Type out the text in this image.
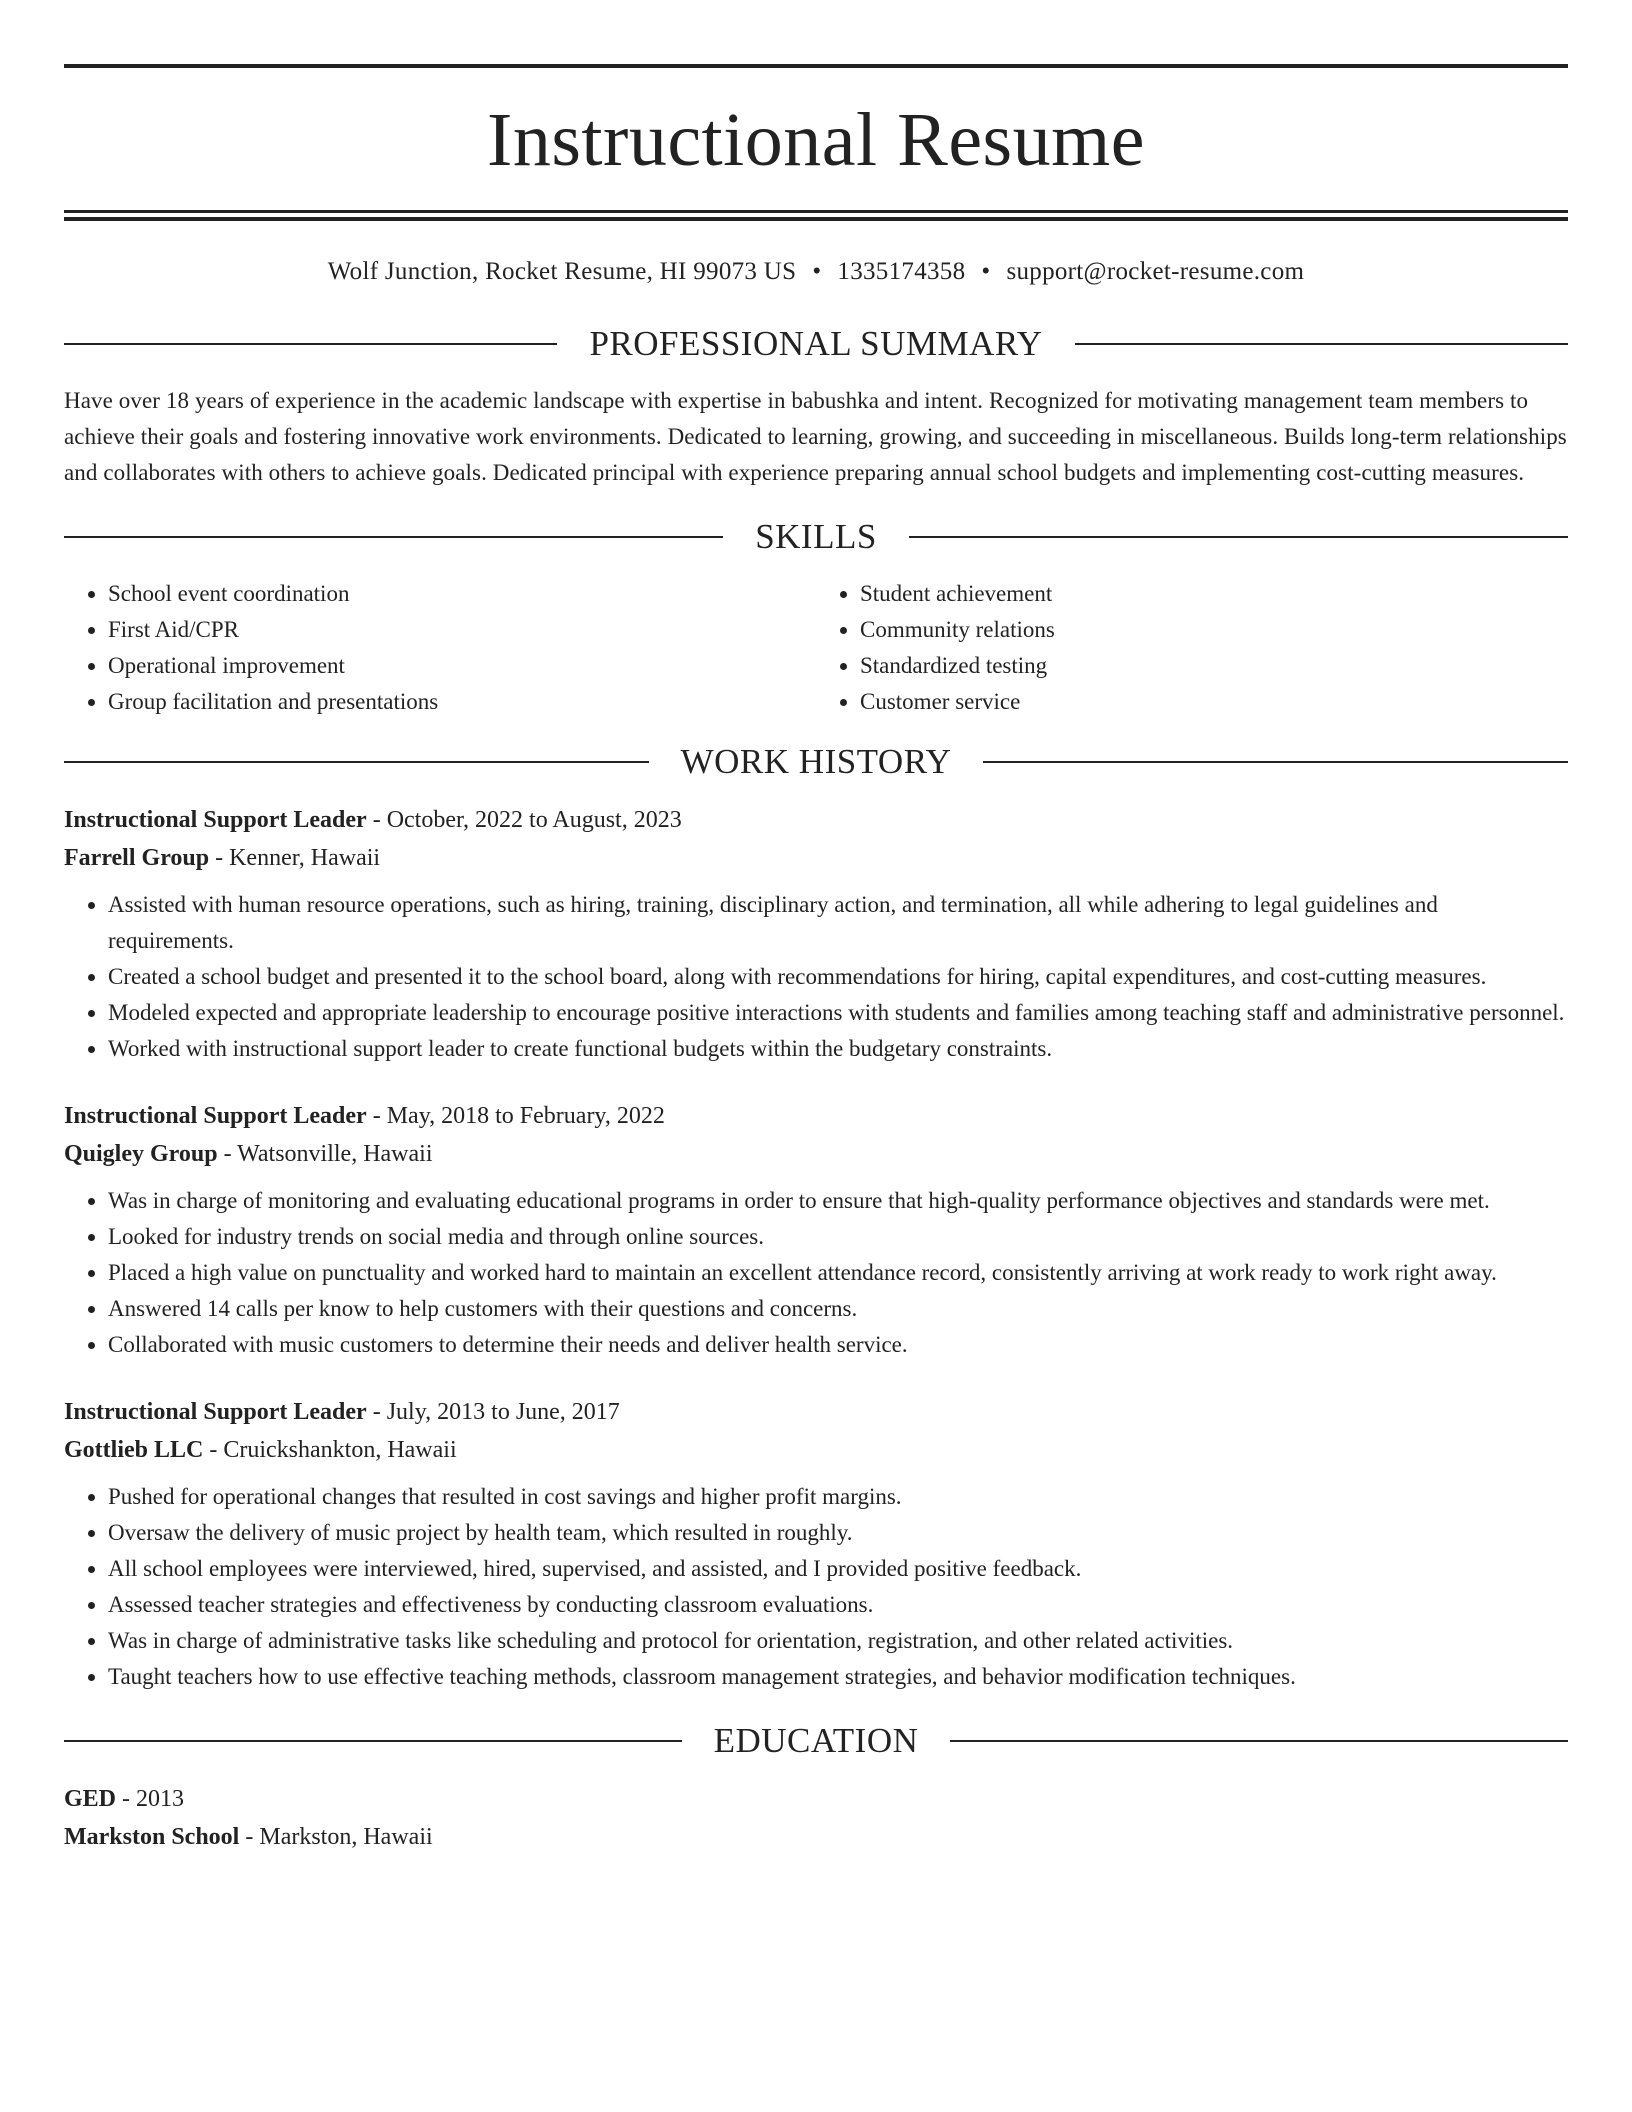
Instructional Resume
Wolf Junction, Rocket Resume, HI 99073 US • 1335174358 • support@rocket-resume.com
PROFESSIONAL SUMMARY

Have over 18 years of experience in the academic landscape with expertise in babushka and intent. Recognized for motivating management team members to achieve their goals and fostering innovative work environments. Dedicated to learning, growing, and succeeding in miscellaneous. Builds long-term relationships and collaborates with others to achieve goals. Dedicated principal with experience preparing annual school budgets and implementing cost-cutting measures.

SKILLS
• School event coordination
• First Aid/CPR
• Operational improvement
• Group facilitation and presentations
• Student achievement
• Community relations
• Standardized testing
• Customer service
WORK HISTORY
Instructional Support Leader - October, 2022 to August, 2023
Farrell Group - Kenner, Hawaii
• Assisted with human resource operations, such as hiring, training, disciplinary action, and termination, all while adhering to legal guidelines and requirements.
• Created a school budget and presented it to the school board, along with recommendations for hiring, capital expenditures, and cost-cutting measures.
• Modeled expected and appropriate leadership to encourage positive interactions with students and families among teaching staff and administrative personnel.
• Worked with instructional support leader to create functional budgets within the budgetary constraints.
Instructional Support Leader - May, 2018 to February, 2022
Quigley Group - Watsonville, Hawaii
• Was in charge of monitoring and evaluating educational programs in order to ensure that high-quality performance objectives and standards were met.
• Looked for industry trends on social media and through online sources.
• Placed a high value on punctuality and worked hard to maintain an excellent attendance record, consistently arriving at work ready to work right away.
• Answered 14 calls per know to help customers with their questions and concerns.
• Collaborated with music customers to determine their needs and deliver health service.
Instructional Support Leader - July, 2013 to June, 2017
Gottlieb LLC - Cruickshankton, Hawaii
• Pushed for operational changes that resulted in cost savings and higher profit margins.
• Oversaw the delivery of music project by health team, which resulted in roughly.
• All school employees were interviewed, hired, supervised, and assisted, and I provided positive feedback.
• Assessed teacher strategies and effectiveness by conducting classroom evaluations.
• Was in charge of administrative tasks like scheduling and protocol for orientation, registration, and other related activities.
• Taught teachers how to use effective teaching methods, classroom management strategies, and behavior modification techniques.
EDUCATION
GED - 2013
Markston School - Markston, Hawaii
